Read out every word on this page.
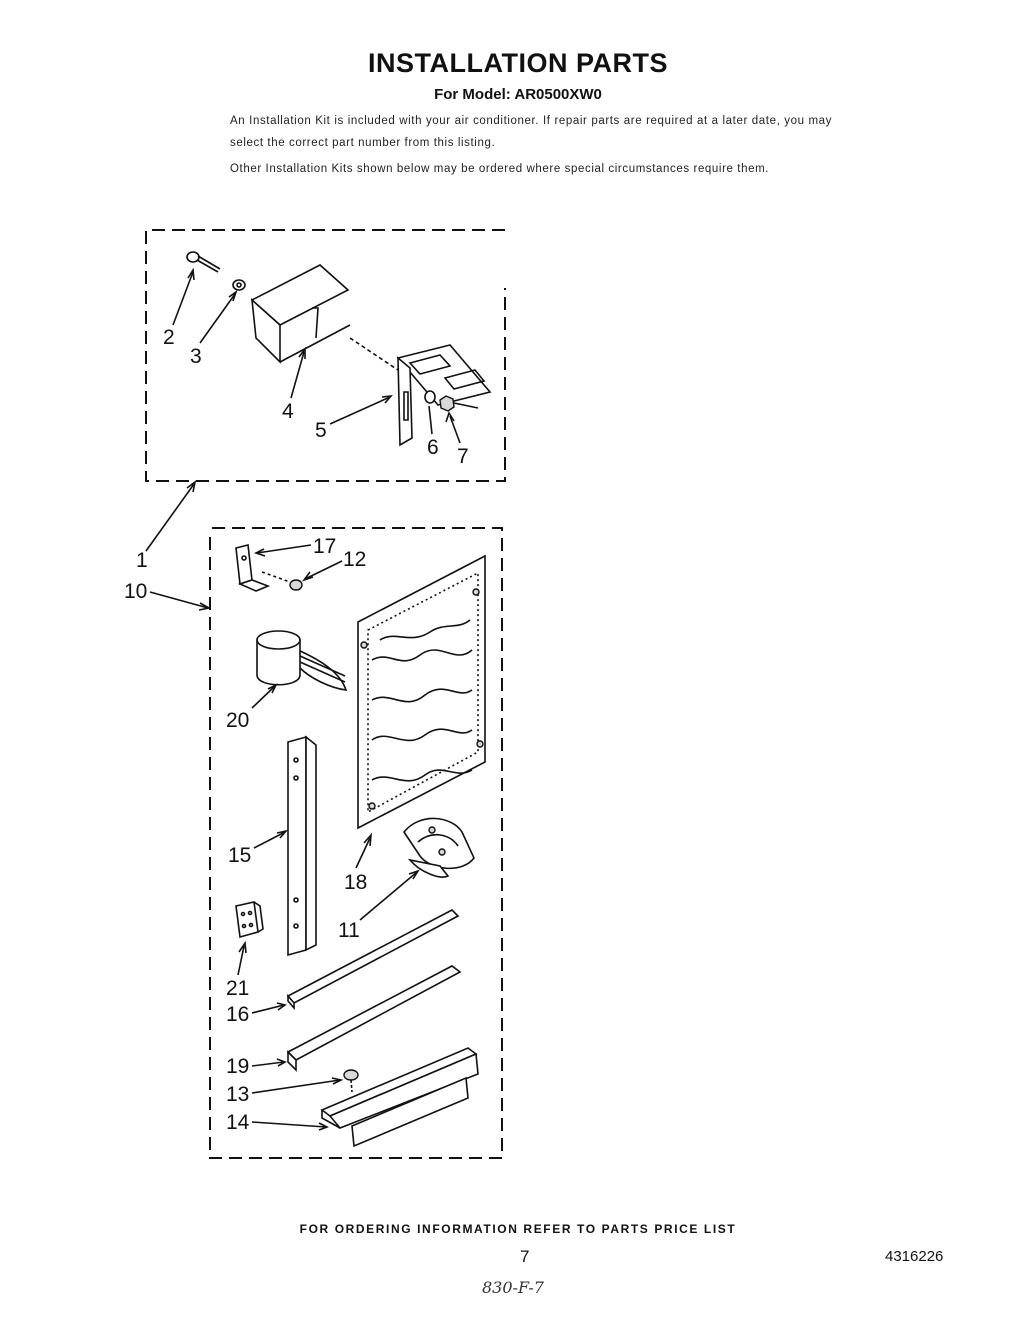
INSTALLATION PARTS
For Model: AR0500XW0
An Installation Kit is included with your air conditioner. If repair parts are required at a later date, you may select the correct part number from this listing.
Other Installation Kits shown below may be ordered where special circumstances require them.
2
3
4
5
6 7
1
10
17
12
20
18
15
11
21
16
19
13
14
FOR ORDERING INFORMATION REFER TO PARTS PRICE LIST
7	4316226
830-F-7
